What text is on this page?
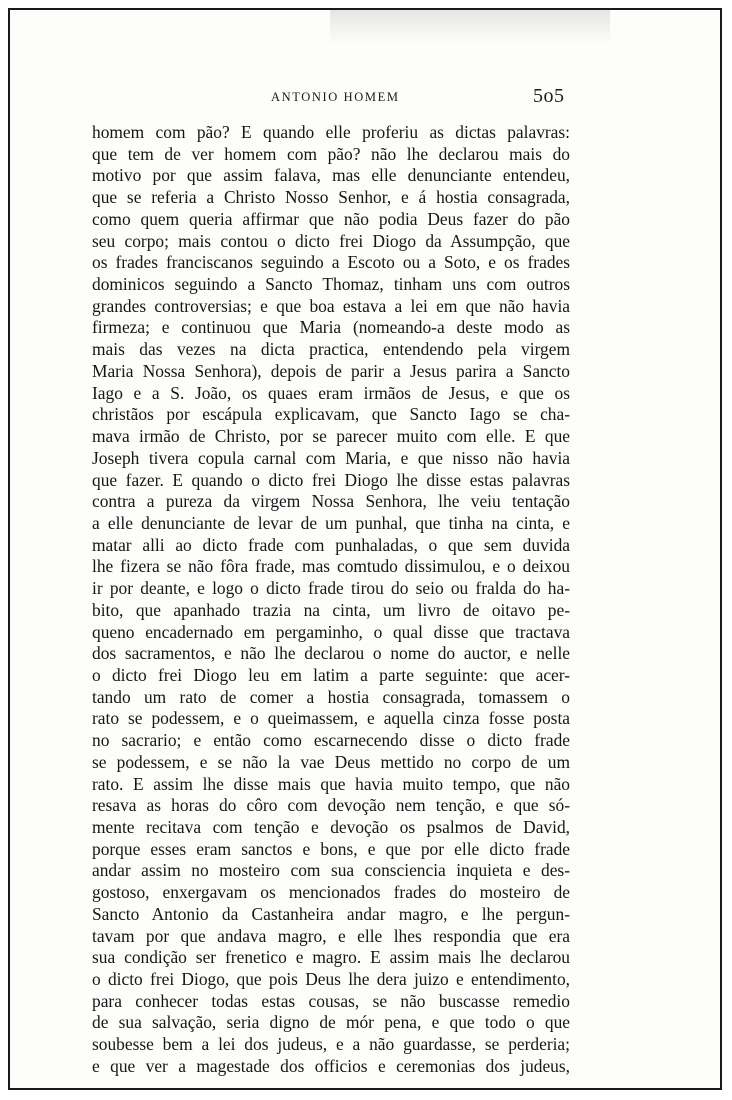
ANTONIO HOMEM	5o5
homem com pão? E quando elle proferiu as dictas palavras:
que tem de ver homem com pão? não lhe declarou mais do
motivo por que assim falava, mas elle denunciante entendeu,
que se referia a Christo Nosso Senhor, e á hostia consagrada,
como quem queria affirmar que não podia Deus fazer do pão
seu corpo; mais contou o dicto frei Diogo da Assumpção, que
os frades franciscanos seguindo a Escoto ou a Soto, e os frades
dominicos seguindo a Sancto Thomaz, tinham uns com outros
grandes controversias; e que boa estava a lei em que não havia
firmeza; e continuou que Maria (nomeando-a deste modo as
mais das vezes na dicta practica, entendendo pela virgem
Maria Nossa Senhora), depois de parir a Jesus parira a Sancto
Iago e a S. João, os quaes eram irmãos de Jesus, e que os
christãos por escápula explicavam, que Sancto Iago se cha-
mava irmão de Christo, por se parecer muito com elle. E que
Joseph tivera copula carnal com Maria, e que nisso não havia
que fazer. E quando o dicto frei Diogo lhe disse estas palavras
contra a pureza da virgem Nossa Senhora, lhe veiu tentação
a elle denunciante de levar de um punhal, que tinha na cinta, e
matar alli ao dicto frade com punhaladas, o que sem duvida
lhe fizera se não fôra frade, mas comtudo dissimulou, e o deixou
ir por deante, e logo o dicto frade tirou do seio ou fralda do ha-
bito, que apanhado trazia na cinta, um livro de oitavo pe-
queno encadernado em pergaminho, o qual disse que tractava
dos sacramentos, e não lhe declarou o nome do auctor, e nelle
o dicto frei Diogo leu em latim a parte seguinte: que acer-
tando um rato de comer a hostia consagrada, tomassem o
rato se podessem, e o queimassem, e aquella cinza fosse posta
no sacrario; e então como escarnecendo disse o dicto frade
se podessem, e se não la vae Deus mettido no corpo de um
rato. E assim lhe disse mais que havia muito tempo, que não
resava as horas do côro com devoção nem tenção, e que só-
mente recitava com tenção e devoção os psalmos de David,
porque esses eram sanctos e bons, e que por elle dicto frade
andar assim no mosteiro com sua consciencia inquieta e des-
gostoso, enxergavam os mencionados frades do mosteiro de
Sancto Antonio da Castanheira andar magro, e lhe pergun-
tavam por que andava magro, e elle lhes respondia que era
sua condição ser frenetico e magro. E assim mais lhe declarou
o dicto frei Diogo, que pois Deus lhe dera juizo e entendimento,
para conhecer todas estas cousas, se não buscasse remedio
de sua salvação, seria digno de mór pena, e que todo o que
soubesse bem a lei dos judeus, e a não guardasse, se perderia;
e que ver a magestade dos officios e ceremonias dos judeus,
